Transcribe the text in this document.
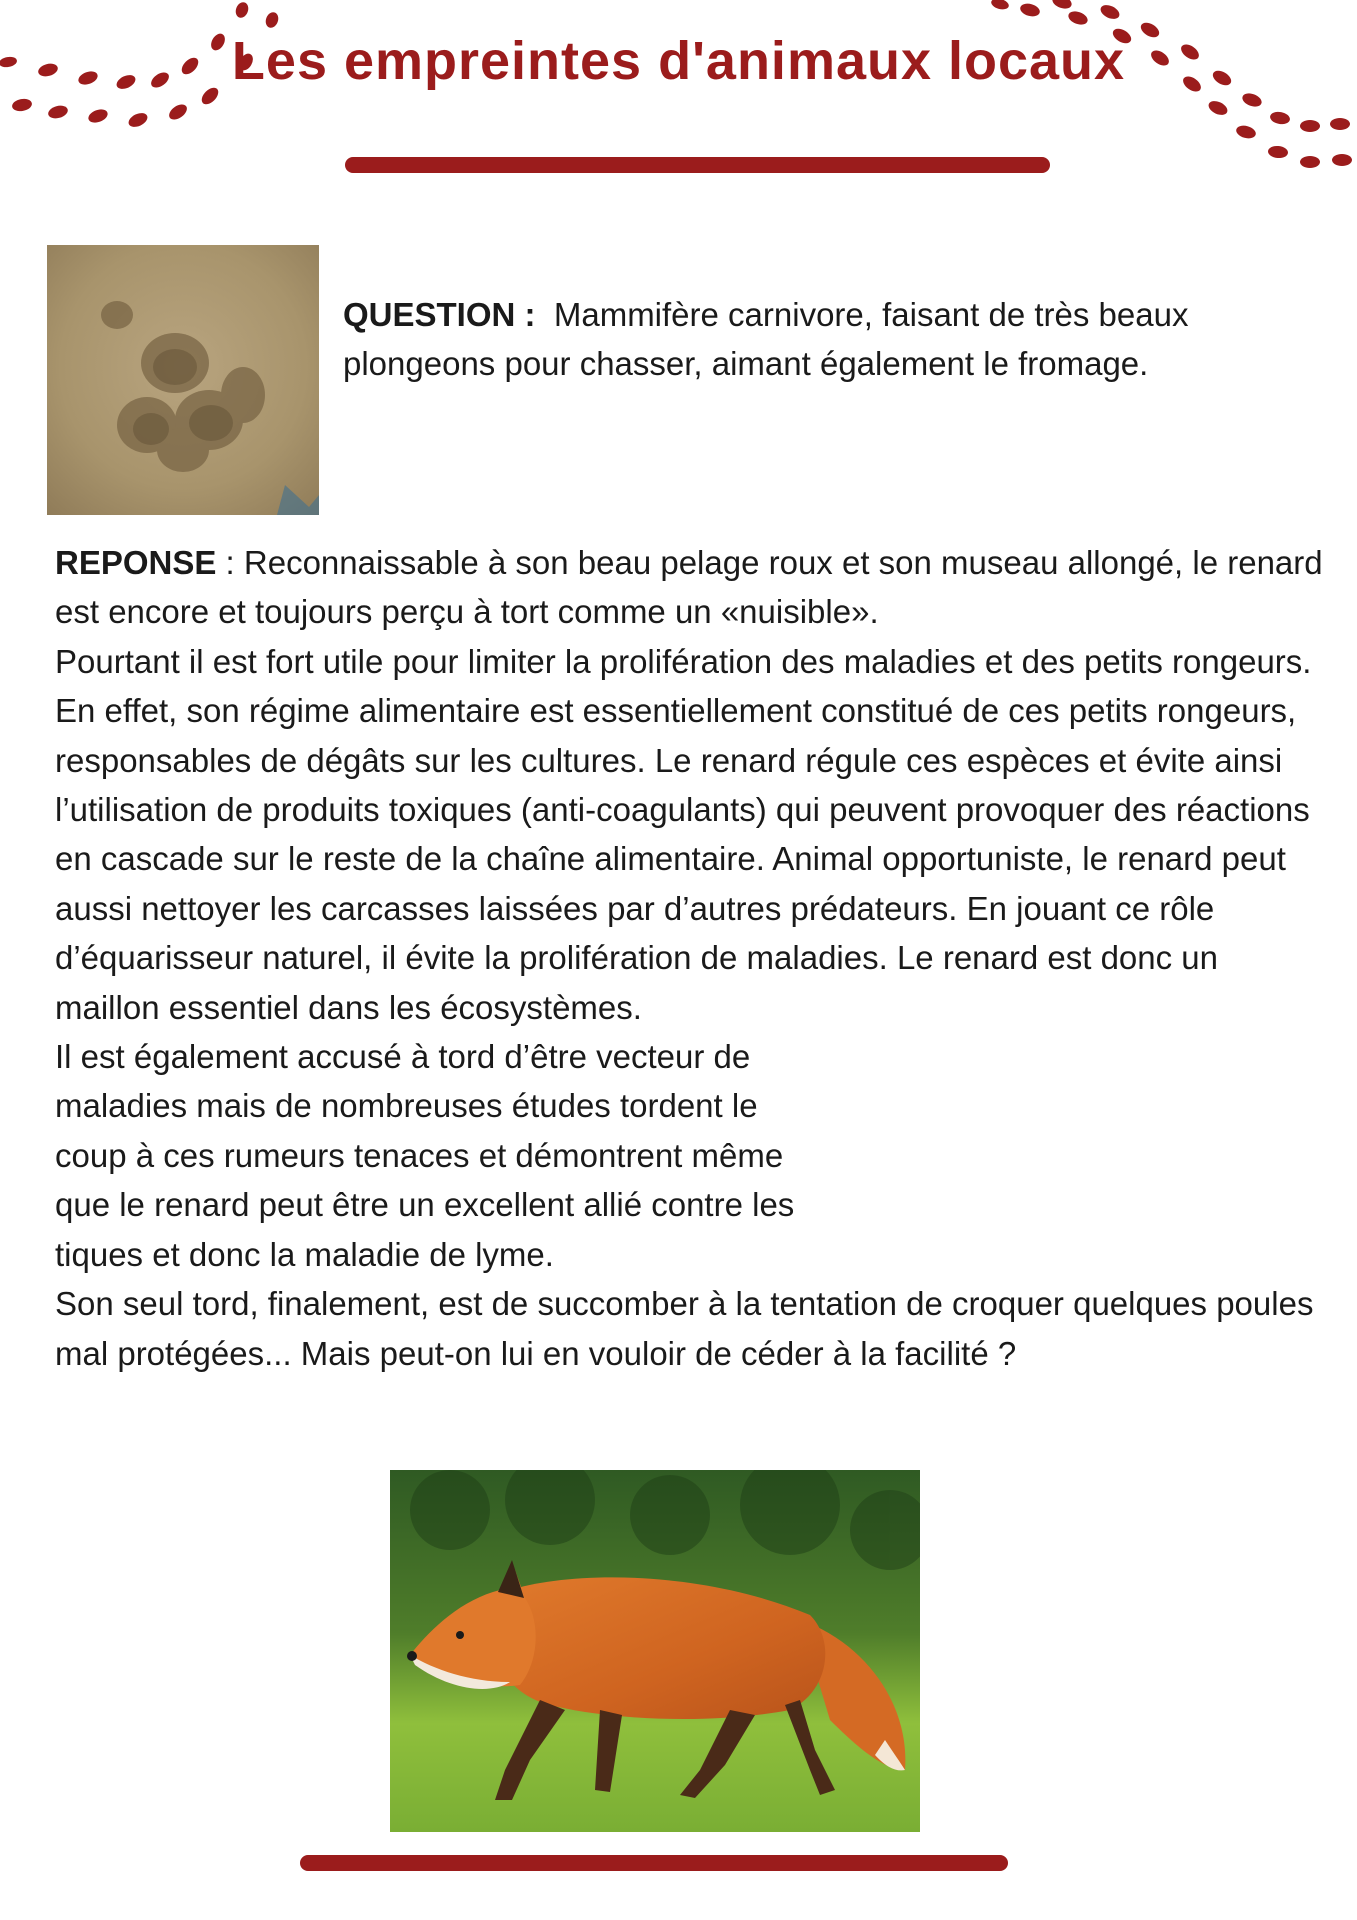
Les empreintes d'animaux locaux
QUESTION : Mammifère carnivore, faisant de très beaux plongeons pour chasser, aimant également le fromage.

REPONSE : Reconnaissable à son beau pelage roux et son museau allongé, le renard est encore et toujours perçu à tort comme un «nuisible».

Pourtant il est fort utile pour limiter la prolifération des maladies et des petits rongeurs. En effet, son régime alimentaire est essentiellement constitué de ces petits rongeurs, responsables de dégâts sur les cultures. Le renard régule ces espèces et évite ainsi l’utilisation de produits toxiques (anti-coagulants) qui peuvent provoquer des réactions en cascade sur le reste de la chaîne alimentaire. Animal opportuniste, le renard peut aussi nettoyer les carcasses laissées par d’autres prédateurs. En jouant ce rôle d’équarisseur naturel, il évite la prolifération de maladies. Le renard est donc un maillon essentiel dans les écosystèmes.

Il est également accusé à tord d’être vecteur de
maladies mais de nombreuses études tordent le
coup à ces rumeurs tenaces et démontrent même
que le renard peut être un excellent allié contre les
tiques et donc la maladie de lyme.

Son seul tord, finalement, est de succomber à la tentation de croquer quelques poules mal protégées... Mais peut-on lui en vouloir de céder à la facilité ?
